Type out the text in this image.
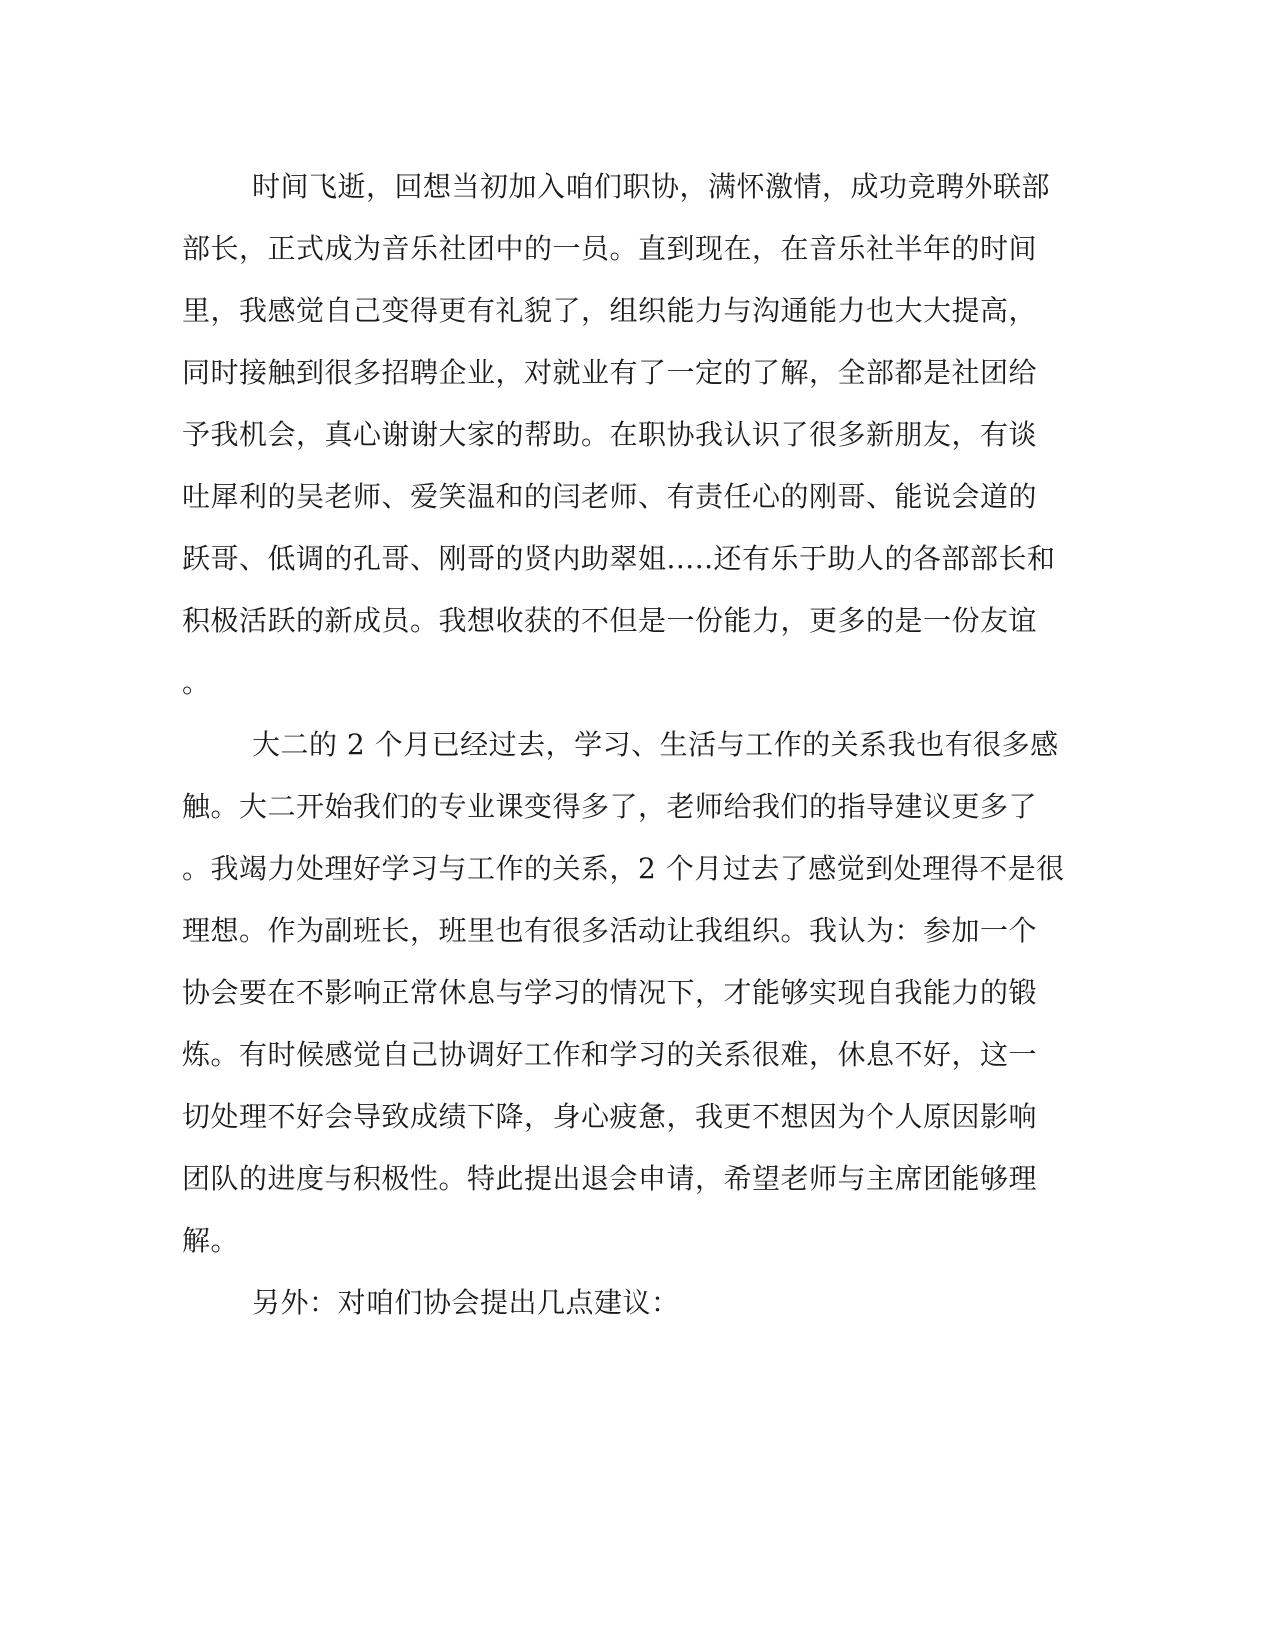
时间飞逝，回想当初加入咱们职协，满怀激情，成功竞聘外联部
部长，正式成为音乐社团中的一员。直到现在，在音乐社半年的时间
里，我感觉自己变得更有礼貌了，组织能力与沟通能力也大大提高，
同时接触到很多招聘企业，对就业有了一定的了解，全部都是社团给
予我机会，真心谢谢大家的帮助。在职协我认识了很多新朋友，有谈
吐犀利的吴老师、爱笑温和的闫老师、有责任心的刚哥、能说会道的
跃哥、低调的孔哥、刚哥的贤内助翠姐.....还有乐于助人的各部部长和
积极活跃的新成员。我想收获的不但是一份能力，更多的是一份友谊
。
大二的 2 个月已经过去，学习、生活与工作的关系我也有很多感
触。大二开始我们的专业课变得多了，老师给我们的指导建议更多了
。我竭力处理好学习与工作的关系，2 个月过去了感觉到处理得不是很
理想。作为副班长，班里也有很多活动让我组织。我认为：参加一个
协会要在不影响正常休息与学习的情况下，才能够实现自我能力的锻
炼。有时候感觉自己协调好工作和学习的关系很难，休息不好，这一
切处理不好会导致成绩下降，身心疲惫，我更不想因为个人原因影响
团队的进度与积极性。特此提出退会申请，希望老师与主席团能够理
解。
另外：对咱们协会提出几点建议：
